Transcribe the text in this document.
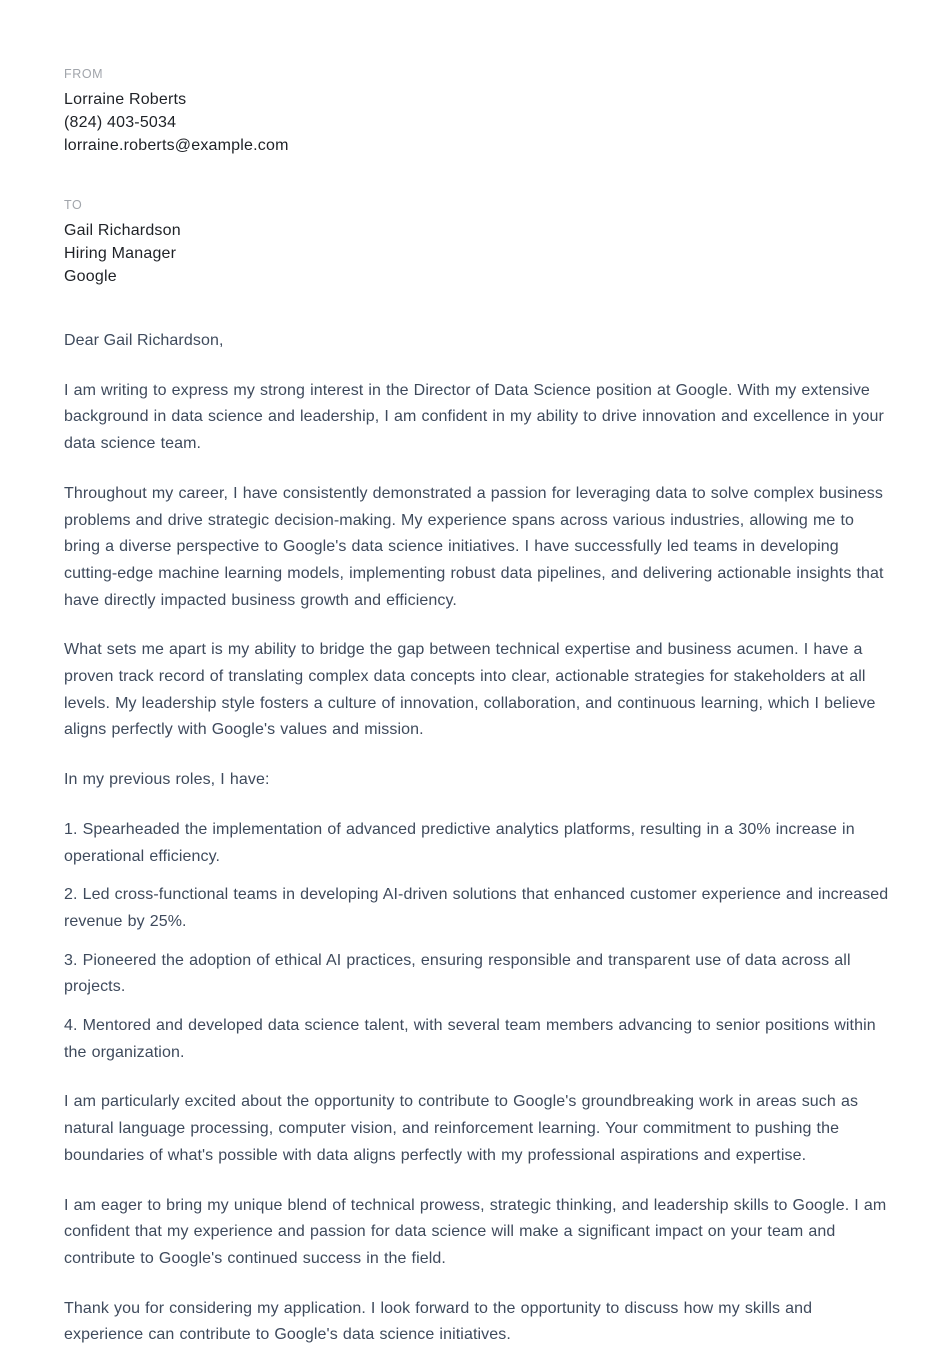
FROM
Lorraine Roberts
(824) 403-5034
lorraine.roberts@example.com
TO
Gail Richardson
Hiring Manager
Google

Dear Gail Richardson,

I am writing to express my strong interest in the Director of Data Science position at Google. With my extensive background in data science and leadership, I am confident in my ability to drive innovation and excellence in your data science team.

Throughout my career, I have consistently demonstrated a passion for leveraging data to solve complex business problems and drive strategic decision-making. My experience spans across various industries, allowing me to bring a diverse perspective to Google's data science initiatives. I have successfully led teams in developing cutting-edge machine learning models, implementing robust data pipelines, and delivering actionable insights that have directly impacted business growth and efficiency.

What sets me apart is my ability to bridge the gap between technical expertise and business acumen. I have a proven track record of translating complex data concepts into clear, actionable strategies for stakeholders at all levels. My leadership style fosters a culture of innovation, collaboration, and continuous learning, which I believe aligns perfectly with Google's values and mission.

In my previous roles, I have:

1. Spearheaded the implementation of advanced predictive analytics platforms, resulting in a 30% increase in operational efficiency.

2. Led cross-functional teams in developing AI-driven solutions that enhanced customer experience and increased revenue by 25%.

3. Pioneered the adoption of ethical AI practices, ensuring responsible and transparent use of data across all projects.

4. Mentored and developed data science talent, with several team members advancing to senior positions within the organization.

I am particularly excited about the opportunity to contribute to Google's groundbreaking work in areas such as natural language processing, computer vision, and reinforcement learning. Your commitment to pushing the boundaries of what's possible with data aligns perfectly with my professional aspirations and expertise.

I am eager to bring my unique blend of technical prowess, strategic thinking, and leadership skills to Google. I am confident that my experience and passion for data science will make a significant impact on your team and contribute to Google's continued success in the field.

Thank you for considering my application. I look forward to the opportunity to discuss how my skills and experience can contribute to Google's data science initiatives.
